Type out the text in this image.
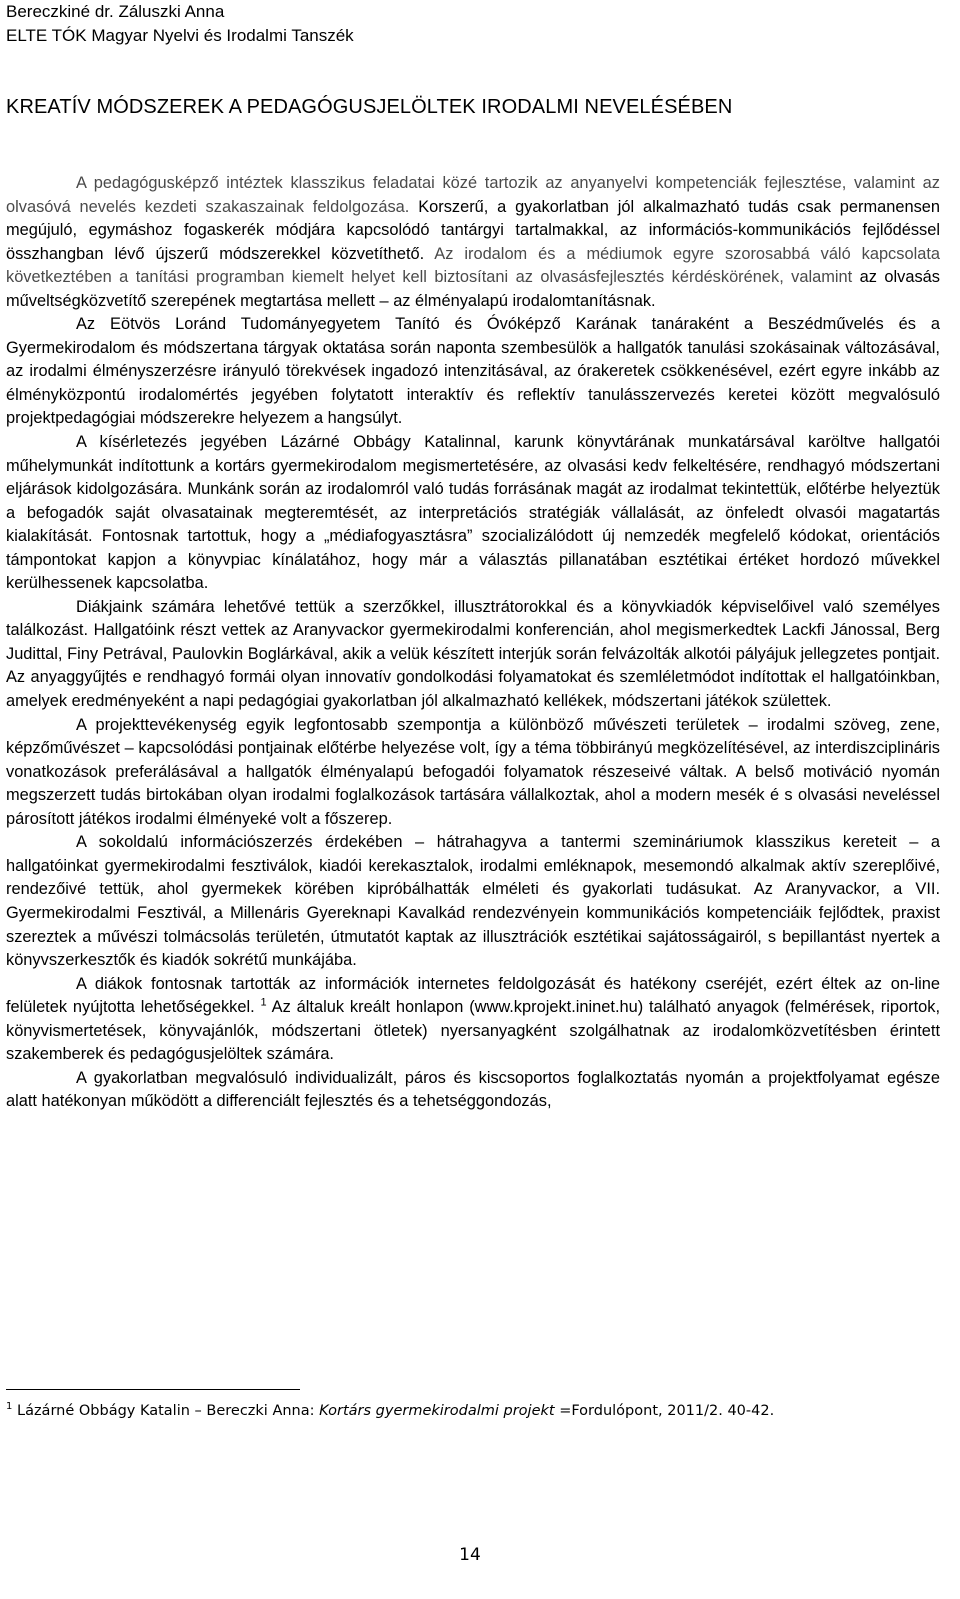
Bereczkiné dr. Záluszki Anna
ELTE TÓK Magyar Nyelvi és Irodalmi Tanszék
KREATÍV MÓDSZEREK A PEDAGÓGUSJELÖLTEK IRODALMI NEVELÉSÉBEN

A pedagógusképző intéztek klasszikus feladatai közé tartozik az anyanyelvi kompetenciák fejlesztése, valamint az olvasóvá nevelés kezdeti szakaszainak feldolgozása. Korszerű, a gyakorlatban jól alkalmazható tudás csak permanensen megújuló, egymáshoz fogaskerék módjára kapcsolódó tantárgyi tartalmakkal, az információs-kommunikációs fejlődéssel összhangban lévő újszerű módszerekkel közvetíthető. Az irodalom és a médiumok egyre szorosabbá váló kapcsolata következtében a tanítási programban kiemelt helyet kell biztosítani az olvasásfejlesztés kérdéskörének, valamint az olvasás műveltségközvetítő szerepének megtartása mellett – az élményalapú irodalomtanításnak.

Az Eötvös Loránd Tudományegyetem Tanító és Óvóképző Karának tanáraként a Beszédművelés és a Gyermekirodalom és módszertana tárgyak oktatása során naponta szembesülök a hallgatók tanulási szokásainak változásával, az irodalmi élményszerzésre irányuló törekvések ingadozó intenzitásával, az órakeretek csökkenésével, ezért egyre inkább az élményközpontú irodalomértés jegyében folytatott interaktív és reflektív tanulásszervezés keretei között megvalósuló projektpedagógiai módszerekre helyezem a hangsúlyt.

A kísérletezés jegyében Lázárné Obbágy Katalinnal, karunk könyvtárának munkatársával karöltve hallgatói műhelymunkát indítottunk a kortárs gyermekirodalom megismertetésére, az olvasási kedv felkeltésére, rendhagyó módszertani eljárások kidolgozására. Munkánk során az irodalomról való tudás forrásának magát az irodalmat tekintettük, előtérbe helyeztük a befogadók saját olvasatainak megteremtését, az interpretációs stratégiák vállalását, az önfeledt olvasói magatartás kialakítását. Fontosnak tartottuk, hogy a „médiafogyasztásra” szocializálódott új nemzedék megfelelő kódokat, orientációs támpontokat kapjon a könyvpiac kínálatához, hogy már a választás pillanatában esztétikai értéket hordozó művekkel kerülhessenek kapcsolatba.

Diákjaink számára lehetővé tettük a szerzőkkel, illusztrátorokkal és a könyvkiadók képviselőivel való személyes találkozást. Hallgatóink részt vettek az Aranyvackor gyermekirodalmi konferencián, ahol megismerkedtek Lackfi Jánossal, Berg Judittal, Finy Petrával, Paulovkin Boglárkával, akik a velük készített interjúk során felvázolták alkotói pályájuk jellegzetes pontjait. Az anyaggyűjtés e rendhagyó formái olyan innovatív gondolkodási folyamatokat és szemléletmódot indítottak el hallgatóinkban, amelyek eredményeként a napi pedagógiai gyakorlatban jól alkalmazható kellékek, módszertani játékok születtek.

A projekttevékenység egyik legfontosabb szempontja a különböző művészeti területek – irodalmi szöveg, zene, képzőművészet – kapcsolódási pontjainak előtérbe helyezése volt, így a téma többirányú megközelítésével, az interdiszciplináris vonatkozások preferálásával a hallgatók élményalapú befogadói folyamatok részeseivé váltak. A belső motiváció nyomán megszerzett tudás birtokában olyan irodalmi foglalkozások tartására vállalkoztak, ahol a modern mesék é s olvasási neveléssel párosított játékos irodalmi élményeké volt a főszerep.

A sokoldalú információszerzés érdekében – hátrahagyva a tantermi szemináriumok klasszikus kereteit – a hallgatóinkat gyermekirodalmi fesztiválok, kiadói kerekasztalok, irodalmi emléknapok, mesemondó alkalmak aktív szereplőivé, rendezőivé tettük, ahol gyermekek körében kipróbálhatták elméleti és gyakorlati tudásukat. Az Aranyvackor, a VII. Gyermekirodalmi Fesztivál, a Millenáris Gyereknapi Kavalkád rendezvényein kommunikációs kompetenciáik fejlődtek, praxist szereztek a művészi tolmácsolás területén, útmutatót kaptak az illusztrációk esztétikai sajátosságairól, s bepillantást nyertek a könyvszerkesztők és kiadók sokrétű munkájába.

A diákok fontosnak tartották az információk internetes feldolgozását és hatékony cseréjét, ezért éltek az on-line felületek nyújtotta lehetőségekkel. $^1$ Az általuk kreált honlapon (www.kprojekt.ininet.hu) található anyagok (felmérések, riportok, könyvismertetések, könyvajánlók, módszertani ötletek) nyersanyagként szolgálhatnak az irodalomközvetítésben érintett szakemberek és pedagógusjelöltek számára.

A gyakorlatban megvalósuló individualizált, páros és kiscsoportos foglalkoztatás nyomán a projektfolyamat egésze alatt hatékonyan működött a differenciált fejlesztés és a tehetséggondozás,

$^1$ Lázárné Obbágy Katalin – Bereczki Anna: Kortárs gyermekirodalmi projekt =Fordulópont, 2011/2. 40-42.
14
